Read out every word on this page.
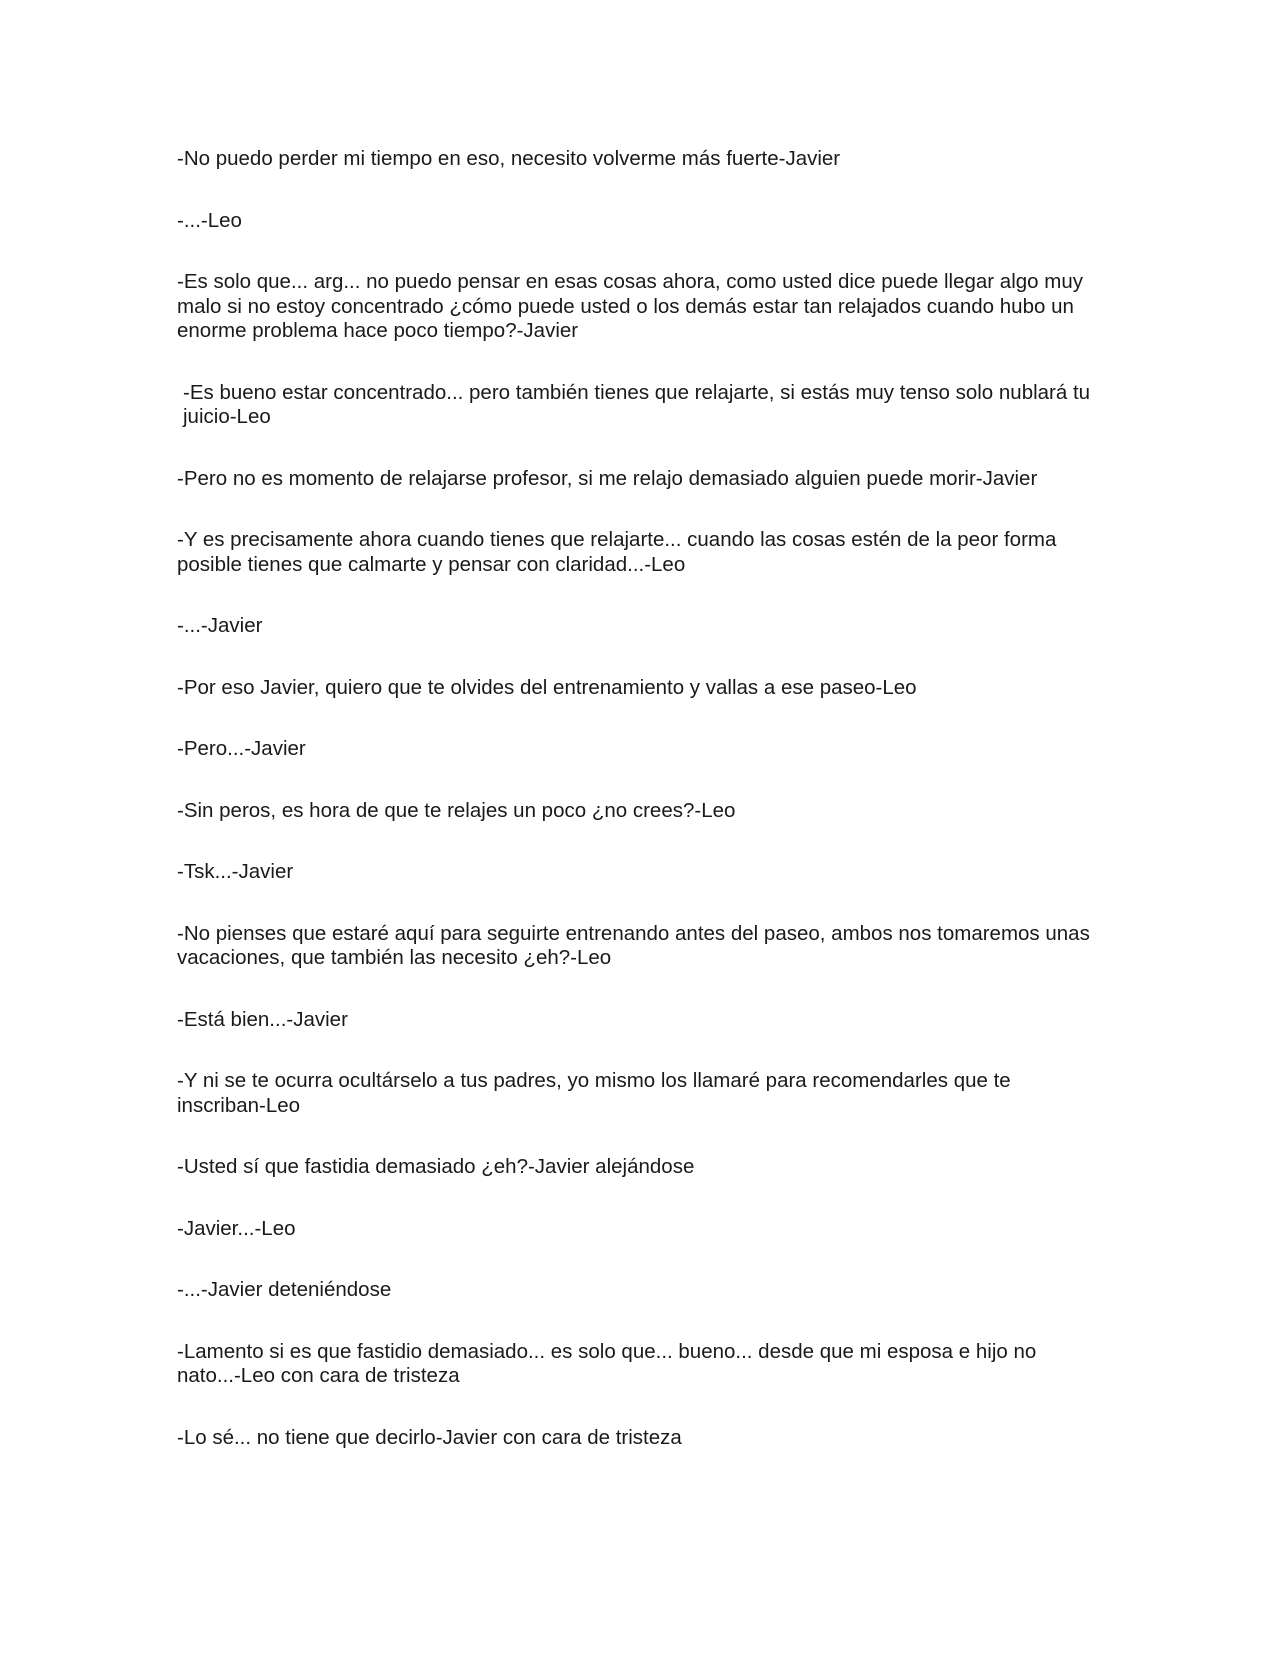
-No puedo perder mi tiempo en eso, necesito volverme más fuerte-Javier

-...-Leo

-Es solo que... arg... no puedo pensar en esas cosas ahora, como usted dice puede llegar algo muy malo si no estoy concentrado ¿cómo puede usted o los demás estar tan relajados cuando hubo un enorme problema hace poco tiempo?-Javier

-Es bueno estar concentrado... pero también tienes que relajarte, si estás muy tenso solo nublará tu juicio-Leo

-Pero no es momento de relajarse profesor, si me relajo demasiado alguien puede morir-Javier

-Y es precisamente ahora cuando tienes que relajarte... cuando las cosas estén de la peor forma posible tienes que calmarte y pensar con claridad...-Leo

-...-Javier

-Por eso Javier, quiero que te olvides del entrenamiento y vallas a ese paseo-Leo

-Pero...-Javier

-Sin peros, es hora de que te relajes un poco ¿no crees?-Leo

-Tsk...-Javier

-No pienses que estaré aquí para seguirte entrenando antes del paseo, ambos nos tomaremos unas vacaciones, que también las necesito ¿eh?-Leo

-Está bien...-Javier

-Y ni se te ocurra ocultárselo a tus padres, yo mismo los llamaré para recomendarles que te inscriban-Leo

-Usted sí que fastidia demasiado ¿eh?-Javier alejándose

-Javier...-Leo

-...-Javier deteniéndose

-Lamento si es que fastidio demasiado... es solo que... bueno... desde que mi esposa e hijo no nato...-Leo con cara de tristeza

-Lo sé... no tiene que decirlo-Javier con cara de tristeza
